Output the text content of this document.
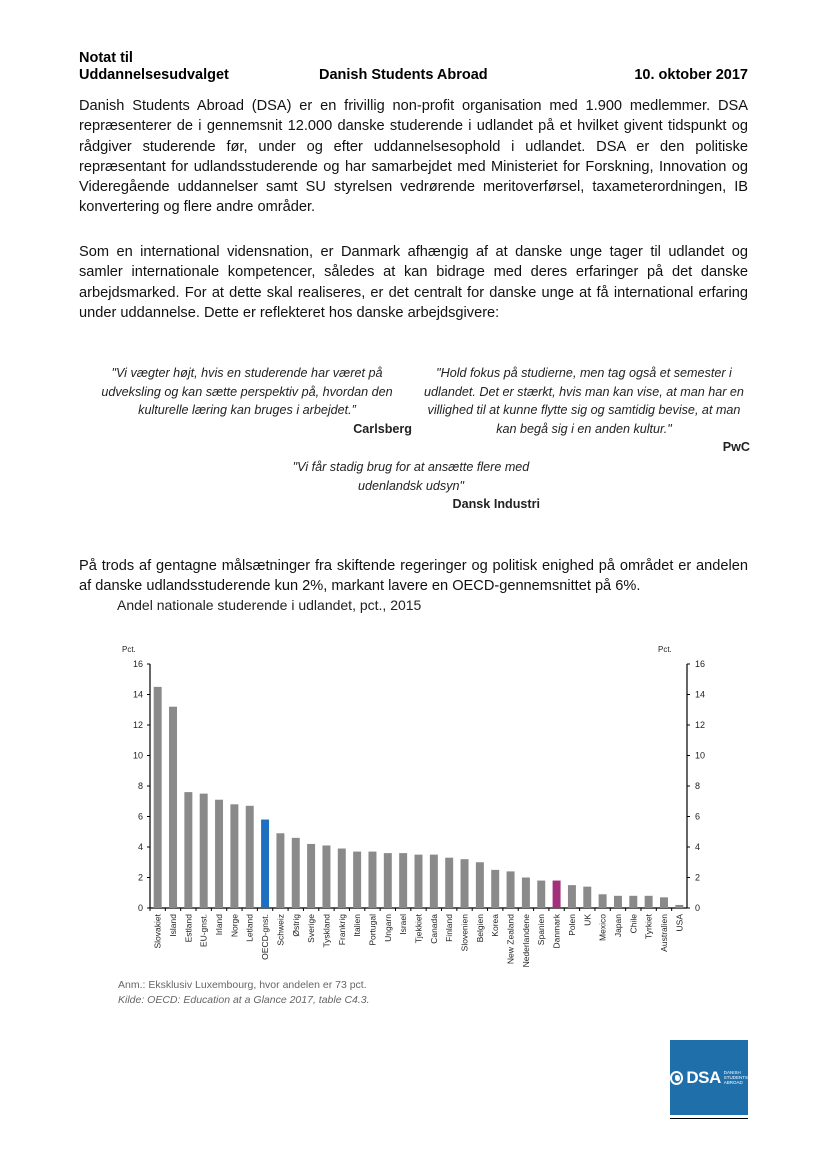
Notat til
Uddannelsesudvalget	Danish Students Abroad	10. oktober 2017

Danish Students Abroad (DSA) er en frivillig non-profit organisation med 1.900 medlemmer. DSA repræsenterer de i gennemsnit 12.000 danske studerende i udlandet på et hvilket givent tidspunkt og rådgiver studerende før, under og efter uddannelsesophold i udlandet. DSA er den politiske repræsentant for udlandsstuderende og har samarbejdet med Ministeriet for Forskning, Innovation og Videregående uddannelser samt SU styrelsen vedrørende meritoverførsel, taxameterordningen, IB konvertering og flere andre områder.

Som en international vidensnation, er Danmark afhængig af at danske unge tager til udlandet og samler internationale kompetencer, således at kan bidrage med deres erfaringer på det danske arbejdsmarked. For at dette skal realiseres, er det centralt for danske unge at få international erfaring under uddannelse. Dette er reflekteret hos danske arbejdsgivere:

"Vi vægter højt, hvis en studerende har været på udveksling og kan sætte perspektiv på, hvordan den kulturelle læring kan bruges i arbejdet.”
Carlsberg
"Hold fokus på studierne, men tag også et semester i udlandet. Det er stærkt, hvis man kan vise, at man har en villighed til at kunne flytte sig og samtidig bevise, at man kan begå sig i en anden kultur."
PwC
"Vi får stadig brug for at ansætte flere med udenlandsk udsyn"
Dansk Industri

På trods af gentagne målsætninger fra skiftende regeringer og politisk enighed på området er andelen af danske udlandsstuderende kun 2%, markant lavere en OECD-gennemsnittet på 6%.

Andel nationale studerende i udlandet, pct., 2015
Pct.	Pct.
0	0
2	2
4	4
6	6
8	8
10	10
12	12
14	14
16	16
Slovakiet Island Estland EU-gnst. Irland Norge Letland OECD-gnst. Schweiz Østrig Sverige Tyskland Frankrig Italien Portugal Ungarn Israel Tjekkiet Canada Finland Slovenien Belgien Korea New Zealand Nederlandene Spanien Danmark Polen UK Mexico Japan Chile Tyrkiet Australien USA
Anm.: Eksklusiv Luxembourg, hvor andelen er 73 pct.
Kilde: OECD: Education at a Glance 2017, table C4.3.
DSA DANISH
STUDENTS
ABROAD
